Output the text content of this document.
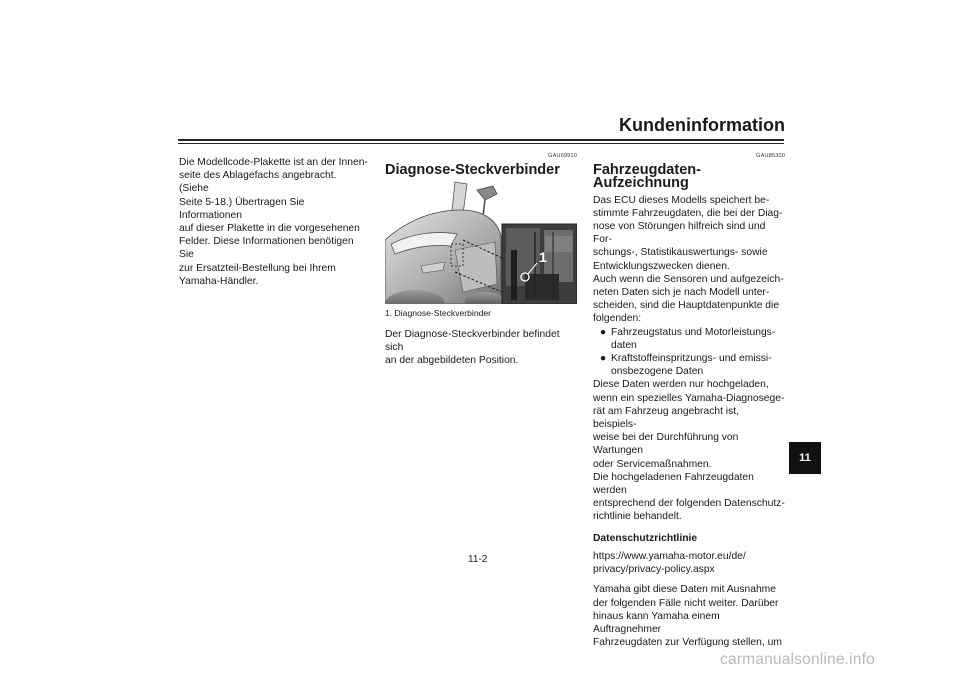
Kundeninformation
Die Modellcode-Plakette ist an der Innen-
seite des Ablagefachs angebracht. (Siehe
Seite 5-18.) Übertragen Sie Informationen
auf dieser Plakette in die vorgesehenen
Felder. Diese Informationen benötigen Sie
zur Ersatzteil-Bestellung bei Ihrem
Yamaha-Händler.
GAU69910
Diagnose-Steckverbinder
1
1. Diagnose-Steckverbinder
Der Diagnose-Steckverbinder befindet sich
an der abgebildeten Position.
GAU85300
Fahrzeugdaten-Aufzeichnung
Das ECU dieses Modells speichert be-
stimmte Fahrzeugdaten, die bei der Diag-
nose von Störungen hilfreich sind und For-
schungs-, Statistikauswertungs- sowie
Entwicklungszwecken dienen.
Auch wenn die Sensoren und aufgezeich-
neten Daten sich je nach Modell unter-
scheiden, sind die Hauptdatenpunkte die
folgenden:
● Fahrzeugstatus und Motorleistungs-
daten
● Kraftstoffeinspritzungs- und emissi-
onsbezogene Daten
Diese Daten werden nur hochgeladen,
wenn ein spezielles Yamaha-Diagnosege-
rät am Fahrzeug angebracht ist, beispiels-
weise bei der Durchführung von Wartungen
oder Servicemaßnahmen.
Die hochgeladenen Fahrzeugdaten werden
entsprechend der folgenden Datenschutz-
richtlinie behandelt.
Datenschutzrichtlinie
https://www.yamaha-motor.eu/de/
privacy/privacy-policy.aspx
Yamaha gibt diese Daten mit Ausnahme
der folgenden Fälle nicht weiter. Darüber
hinaus kann Yamaha einem Auftragnehmer
Fahrzeugdaten zur Verfügung stellen, um
11
11-2
carmanualsonline.info
